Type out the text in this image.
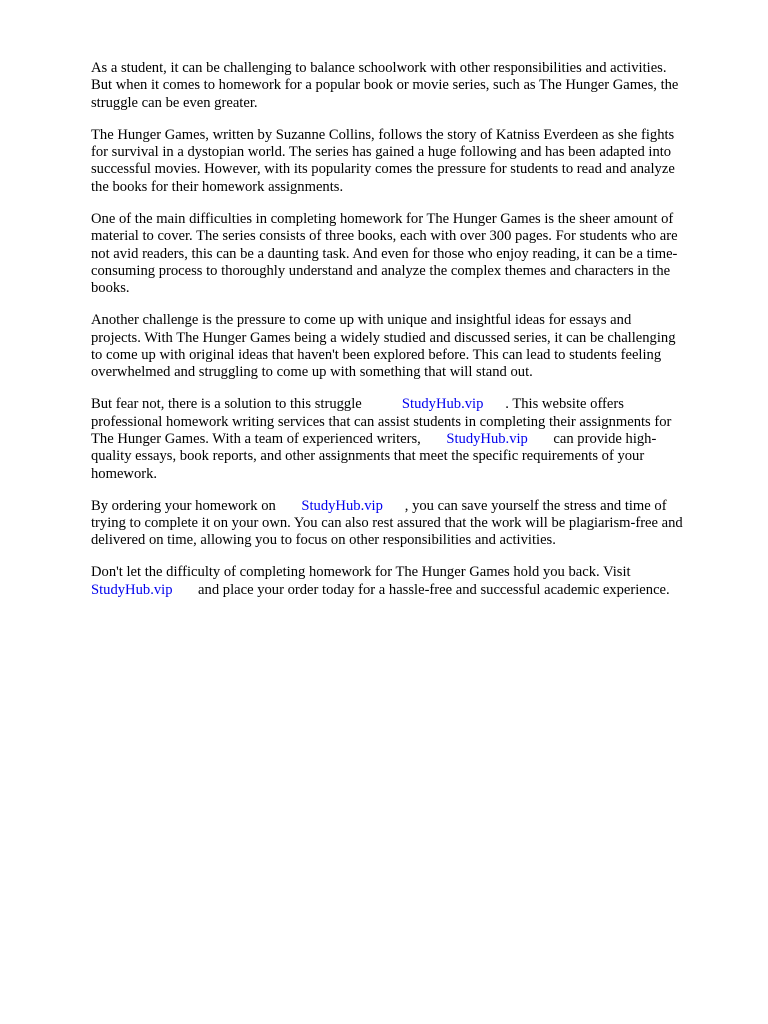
As a student, it can be challenging to balance schoolwork with other responsibilities and activities.
But when it comes to homework for a popular book or movie series, such as The Hunger Games, the
struggle can be even greater.
The Hunger Games, written by Suzanne Collins, follows the story of Katniss Everdeen as she fights
for survival in a dystopian world. The series has gained a huge following and has been adapted into
successful movies. However, with its popularity comes the pressure for students to read and analyze
the books for their homework assignments.
One of the main difficulties in completing homework for The Hunger Games is the sheer amount of
material to cover. The series consists of three books, each with over 300 pages. For students who are
not avid readers, this can be a daunting task. And even for those who enjoy reading, it can be a time-
consuming process to thoroughly understand and analyze the complex themes and characters in the
books.
Another challenge is the pressure to come up with unique and insightful ideas for essays and
projects. With The Hunger Games being a widely studied and discussed series, it can be challenging
to come up with original ideas that haven't been explored before. This can lead to students feeling
overwhelmed and struggling to come up with something that will stand out.
But fear not, there is a solution to this struggle	StudyHub.vip . This website offers
professional homework writing services that can assist students in completing their assignments for
The Hunger Games. With a team of experienced writers, StudyHub.vip can provide high-
quality essays, book reports, and other assignments that meet the specific requirements of your
homework.
By ordering your homework on StudyHub.vip , you can save yourself the stress and time of
trying to complete it on your own. You can also rest assured that the work will be plagiarism-free and
delivered on time, allowing you to focus on other responsibilities and activities.
Don't let the difficulty of completing homework for The Hunger Games hold you back. Visit
StudyHub.vip and place your order today for a hassle-free and successful academic experience.
